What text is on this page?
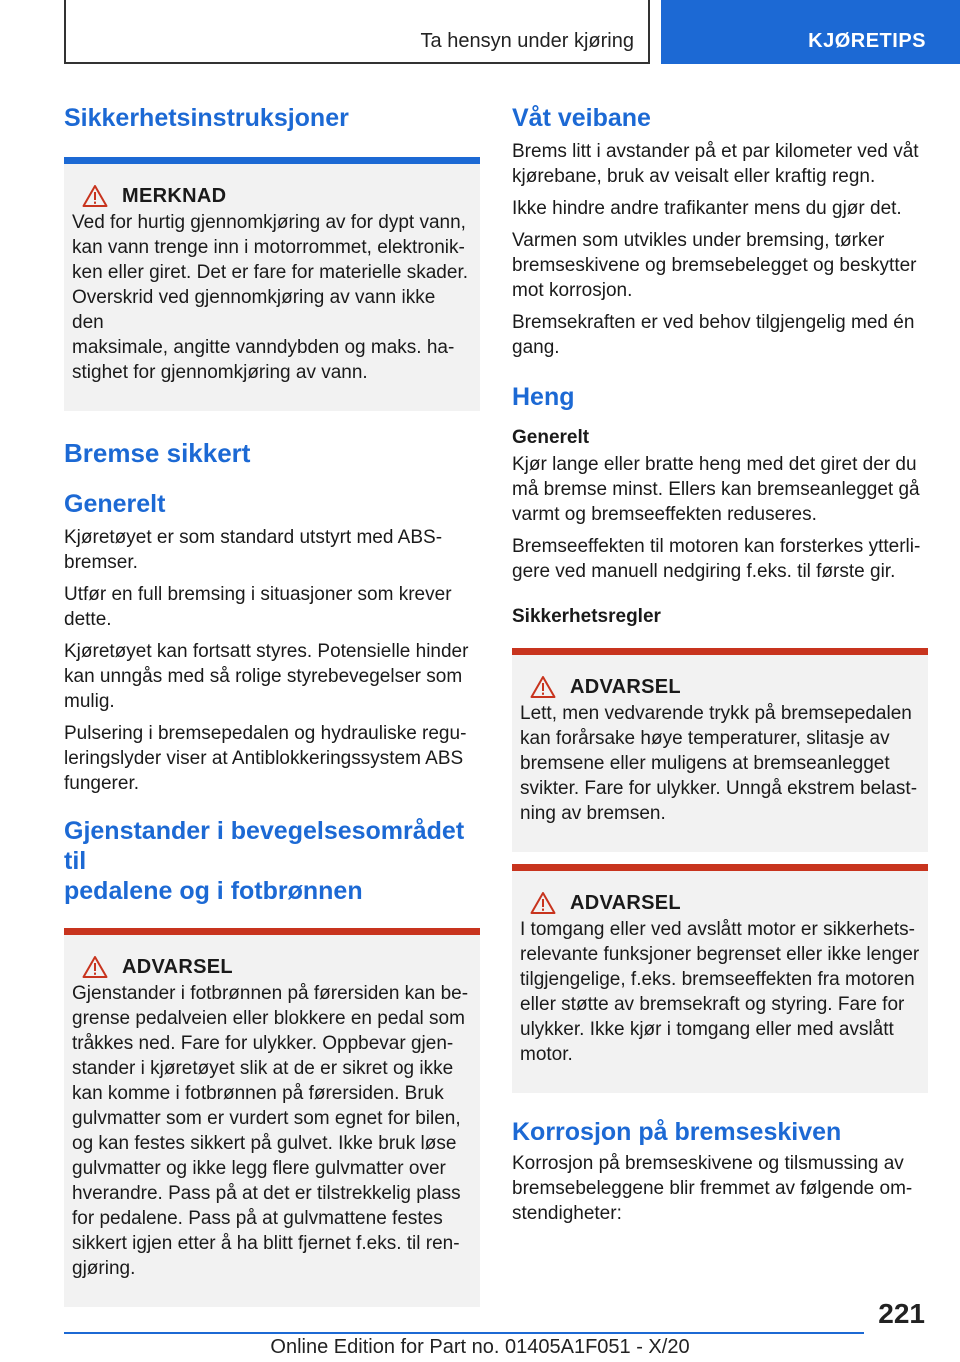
Ta hensyn under kjøring	KJØRETIPS
Sikkerhetsinstruksjoner
MERKNAD
Ved for hurtig gjennomkjøring av for dypt vann,
kan vann trenge inn i motorrommet, elektronik-
ken eller giret. Det er fare for materielle skader.
Overskrid ved gjennomkjøring av vann ikke den
maksimale, angitte vanndybden og maks. ha-
stighet for gjennomkjøring av vann.
Bremse sikkert
Generelt
Kjøretøyet er som standard utstyrt med ABS-
bremser.
Utfør en full bremsing i situasjoner som krever
dette.
Kjøretøyet kan fortsatt styres. Potensielle hinder
kan unngås med så rolige styrebevegelser som
mulig.
Pulsering i bremsepedalen og hydrauliske regu-
leringslyder viser at Antiblokkeringssystem ABS
fungerer.
Gjenstander i bevegelsesområdet til
pedalene og i fotbrønnen
ADVARSEL
Gjenstander i fotbrønnen på førersiden kan be-
grense pedalveien eller blokkere en pedal som
tråkkes ned. Fare for ulykker. Oppbevar gjen-
stander i kjøretøyet slik at de er sikret og ikke
kan komme i fotbrønnen på førersiden. Bruk
gulvmatter som er vurdert som egnet for bilen,
og kan festes sikkert på gulvet. Ikke bruk løse
gulvmatter og ikke legg flere gulvmatter over
hverandre. Pass på at det er tilstrekkelig plass
for pedalene. Pass på at gulvmattene festes
sikkert igjen etter å ha blitt fjernet f.eks. til ren-
gjøring.
Våt veibane
Brems litt i avstander på et par kilometer ved våt
kjørebane, bruk av veisalt eller kraftig regn.
Ikke hindre andre trafikanter mens du gjør det.
Varmen som utvikles under bremsing, tørker
bremseskivene og bremsebelegget og beskytter
mot korrosjon.
Bremsekraften er ved behov tilgjengelig med én
gang.
Heng
Generelt
Kjør lange eller bratte heng med det giret der du
må bremse minst. Ellers kan bremseanlegget gå
varmt og bremseeffekten reduseres.
Bremseeffekten til motoren kan forsterkes ytterli-
gere ved manuell nedgiring f.eks. til første gir.
Sikkerhetsregler
ADVARSEL
Lett, men vedvarende trykk på bremsepedalen
kan forårsake høye temperaturer, slitasje av
bremsene eller muligens at bremseanlegget
svikter. Fare for ulykker. Unngå ekstrem belast-
ning av bremsen.
ADVARSEL
I tomgang eller ved avslått motor er sikkerhets-
relevante funksjoner begrenset eller ikke lenger
tilgjengelige, f.eks. bremseeffekten fra motoren
eller støtte av bremsekraft og styring. Fare for
ulykker. Ikke kjør i tomgang eller med avslått
motor.
Korrosjon på bremseskiven
Korrosjon på bremseskivene og tilsmussing av
bremsebeleggene blir fremmet av følgende om-
stendigheter:
221
Online Edition for Part no. 01405A1F051 - X/20
